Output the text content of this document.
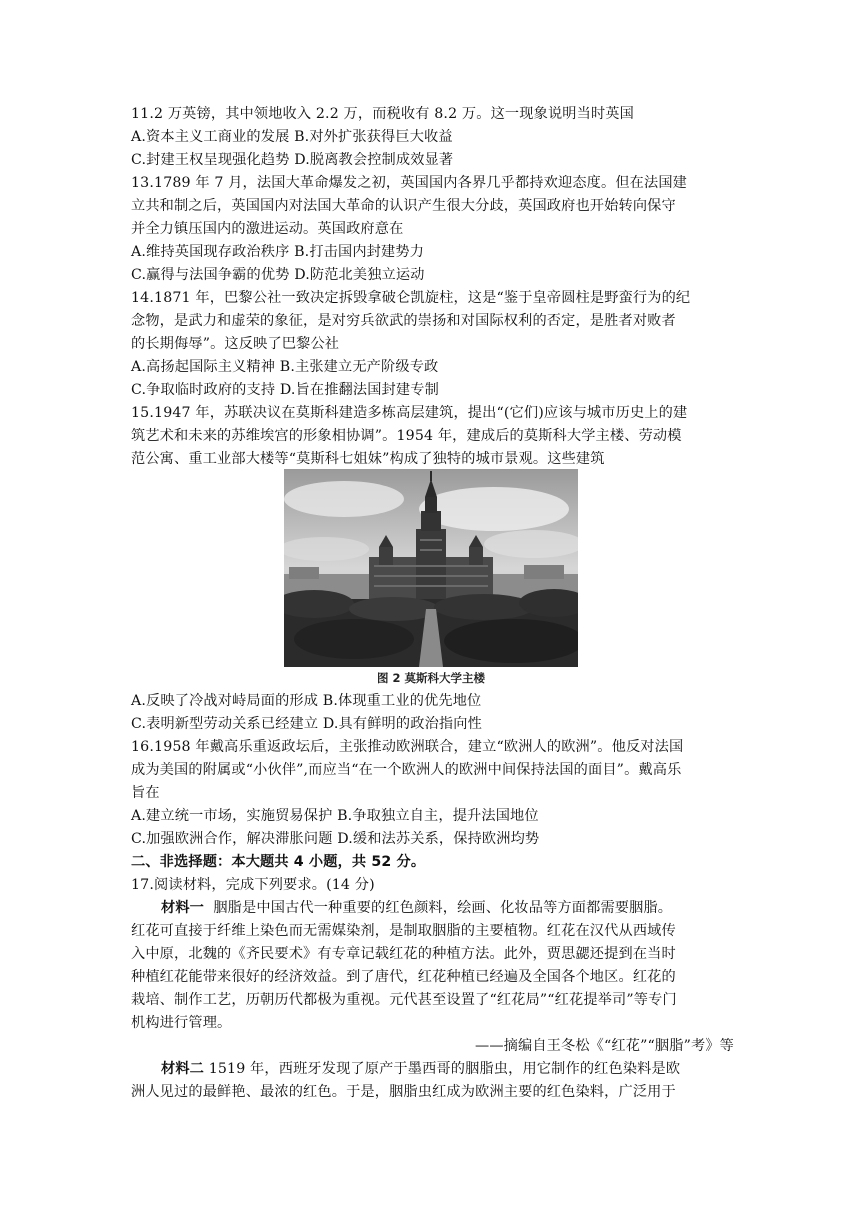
11.2 万英镑，其中领地收入 2.2 万，而税收有 8.2 万。这一现象说明当时英国
A.资本主义工商业的发展 B.对外扩张获得巨大收益
C.封建王权呈现强化趋势 D.脱离教会控制成效显著
13.1789 年 7 月，法国大革命爆发之初，英国国内各界几乎都持欢迎态度。但在法国建
立共和制之后，英国国内对法国大革命的认识产生很大分歧，英国政府也开始转向保守
并全力镇压国内的激进运动。英国政府意在
A.维持英国现存政治秩序 B.打击国内封建势力
C.赢得与法国争霸的优势 D.防范北美独立运动
14.1871 年，巴黎公社一致决定拆毁拿破仑凯旋柱，这是“鉴于皇帝圆柱是野蛮行为的纪
念物，是武力和虚荣的象征，是对穷兵欲武的崇扬和对国际权利的否定，是胜者对败者
的长期侮辱”。这反映了巴黎公社
A.高扬起国际主义精神 B.主张建立无产阶级专政
C.争取临时政府的支持 D.旨在推翻法国封建专制
15.1947 年，苏联决议在莫斯科建造多栋高层建筑，提出“(它们)应该与城市历史上的建
筑艺术和未来的苏维埃宫的形象相协调”。1954 年，建成后的莫斯科大学主楼、劳动模
范公寓、重工业部大楼等“莫斯科七姐妹”构成了独特的城市景观。这些建筑
图 2 莫斯科大学主楼
A.反映了冷战对峙局面的形成 B.体现重工业的优先地位
C.表明新型劳动关系已经建立 D.具有鲜明的政治指向性
16.1958 年戴高乐重返政坛后，主张推动欧洲联合，建立“欧洲人的欧洲”。他反对法国
成为美国的附属或“小伙伴”,而应当“在一个欧洲人的欧洲中间保持法国的面目”。戴高乐
旨在
A.建立统一市场，实施贸易保护 B.争取独立自主，提升法国地位
C.加强欧洲合作，解决滞胀问题 D.缓和法苏关系，保持欧洲均势
二、非选择题：本大题共 4 小题，共 52 分。
17.阅读材料，完成下列要求。(14 分)
材料一 胭脂是中国古代一种重要的红色颜料，绘画、化妆品等方面都需要胭脂。
红花可直接于纤维上染色而无需媒染剂，是制取胭脂的主要植物。红花在汉代从西域传
入中原，北魏的《齐民要术》有专章记载红花的种植方法。此外，贾思勰还提到在当时
种植红花能带来很好的经济效益。到了唐代，红花种植已经遍及全国各个地区。红花的
栽培、制作工艺，历朝历代都极为重视。元代甚至设置了“红花局”“红花提举司”等专门
机构进行管理。
——摘编自王冬松《“红花”“胭脂”考》等
材料二 1519 年，西班牙发现了原产于墨西哥的胭脂虫，用它制作的红色染料是欧
洲人见过的最鲜艳、最浓的红色。于是，胭脂虫红成为欧洲主要的红色染料，广泛用于
